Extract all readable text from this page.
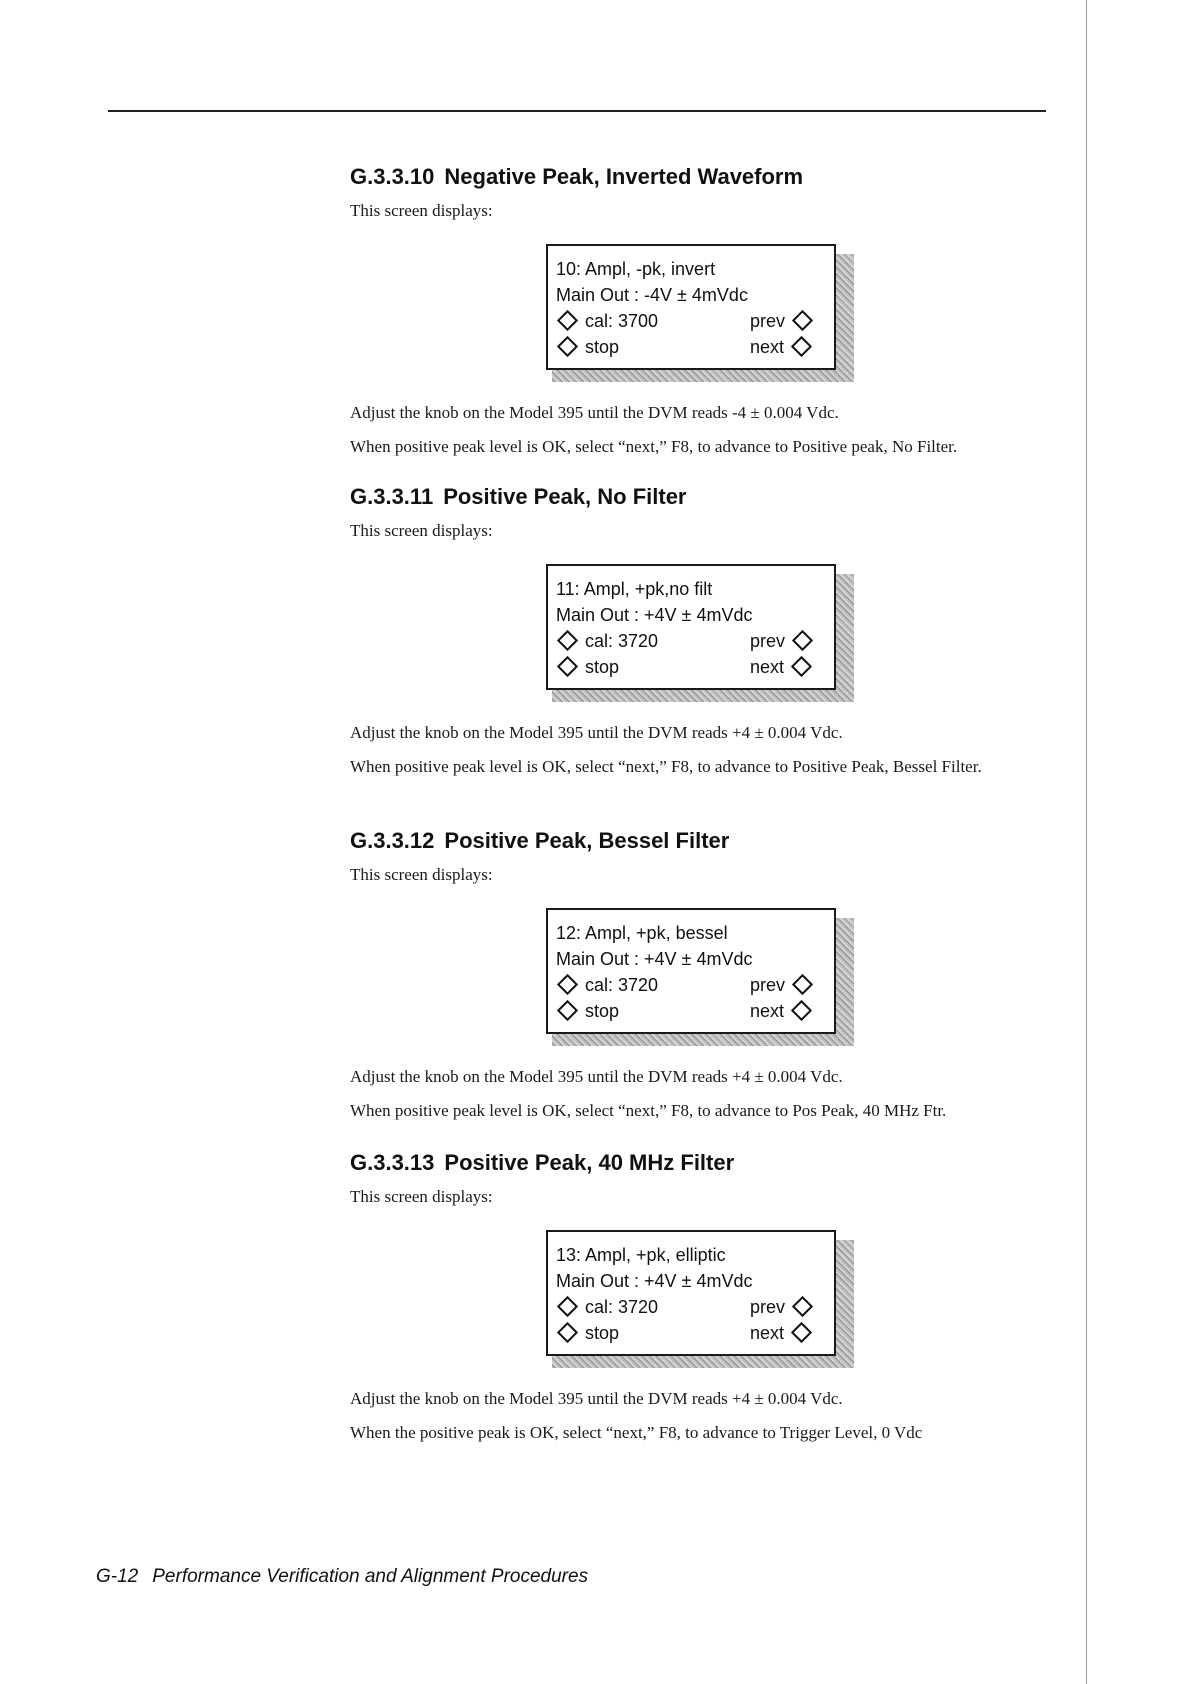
G.3.3.10 Negative Peak, Inverted Waveform

This screen displays:

10: Ampl, -pk, invert
Main Out : -4V ± 4mVdc
cal: 3700	prev
stop	next

Adjust the knob on the Model 395 until the DVM reads -4 ± 0.004 Vdc.

When positive peak level is OK, select “next,” F8, to advance to Positive peak, No Filter.

G.3.3.11 Positive Peak, No Filter

This screen displays:

11: Ampl, +pk,no filt
Main Out : +4V ± 4mVdc
cal: 3720	prev
stop	next

Adjust the knob on the Model 395 until the DVM reads +4 ± 0.004 Vdc.

When positive peak level is OK, select “next,” F8, to advance to Positive Peak, Bessel Filter.

G.3.3.12 Positive Peak, Bessel Filter

This screen displays:

12: Ampl, +pk, bessel
Main Out : +4V ± 4mVdc
cal: 3720	prev
stop	next

Adjust the knob on the Model 395 until the DVM reads +4 ± 0.004 Vdc.

When positive peak level is OK, select “next,” F8, to advance to Pos Peak, 40 MHz Ftr.

G.3.3.13 Positive Peak, 40 MHz Filter

This screen displays:

13: Ampl, +pk, elliptic
Main Out : +4V ± 4mVdc
cal: 3720	prev
stop	next

Adjust the knob on the Model 395 until the DVM reads +4 ± 0.004 Vdc.

When the positive peak is OK, select “next,” F8, to advance to Trigger Level, 0 Vdc

G-12 Performance Verification and Alignment Procedures
